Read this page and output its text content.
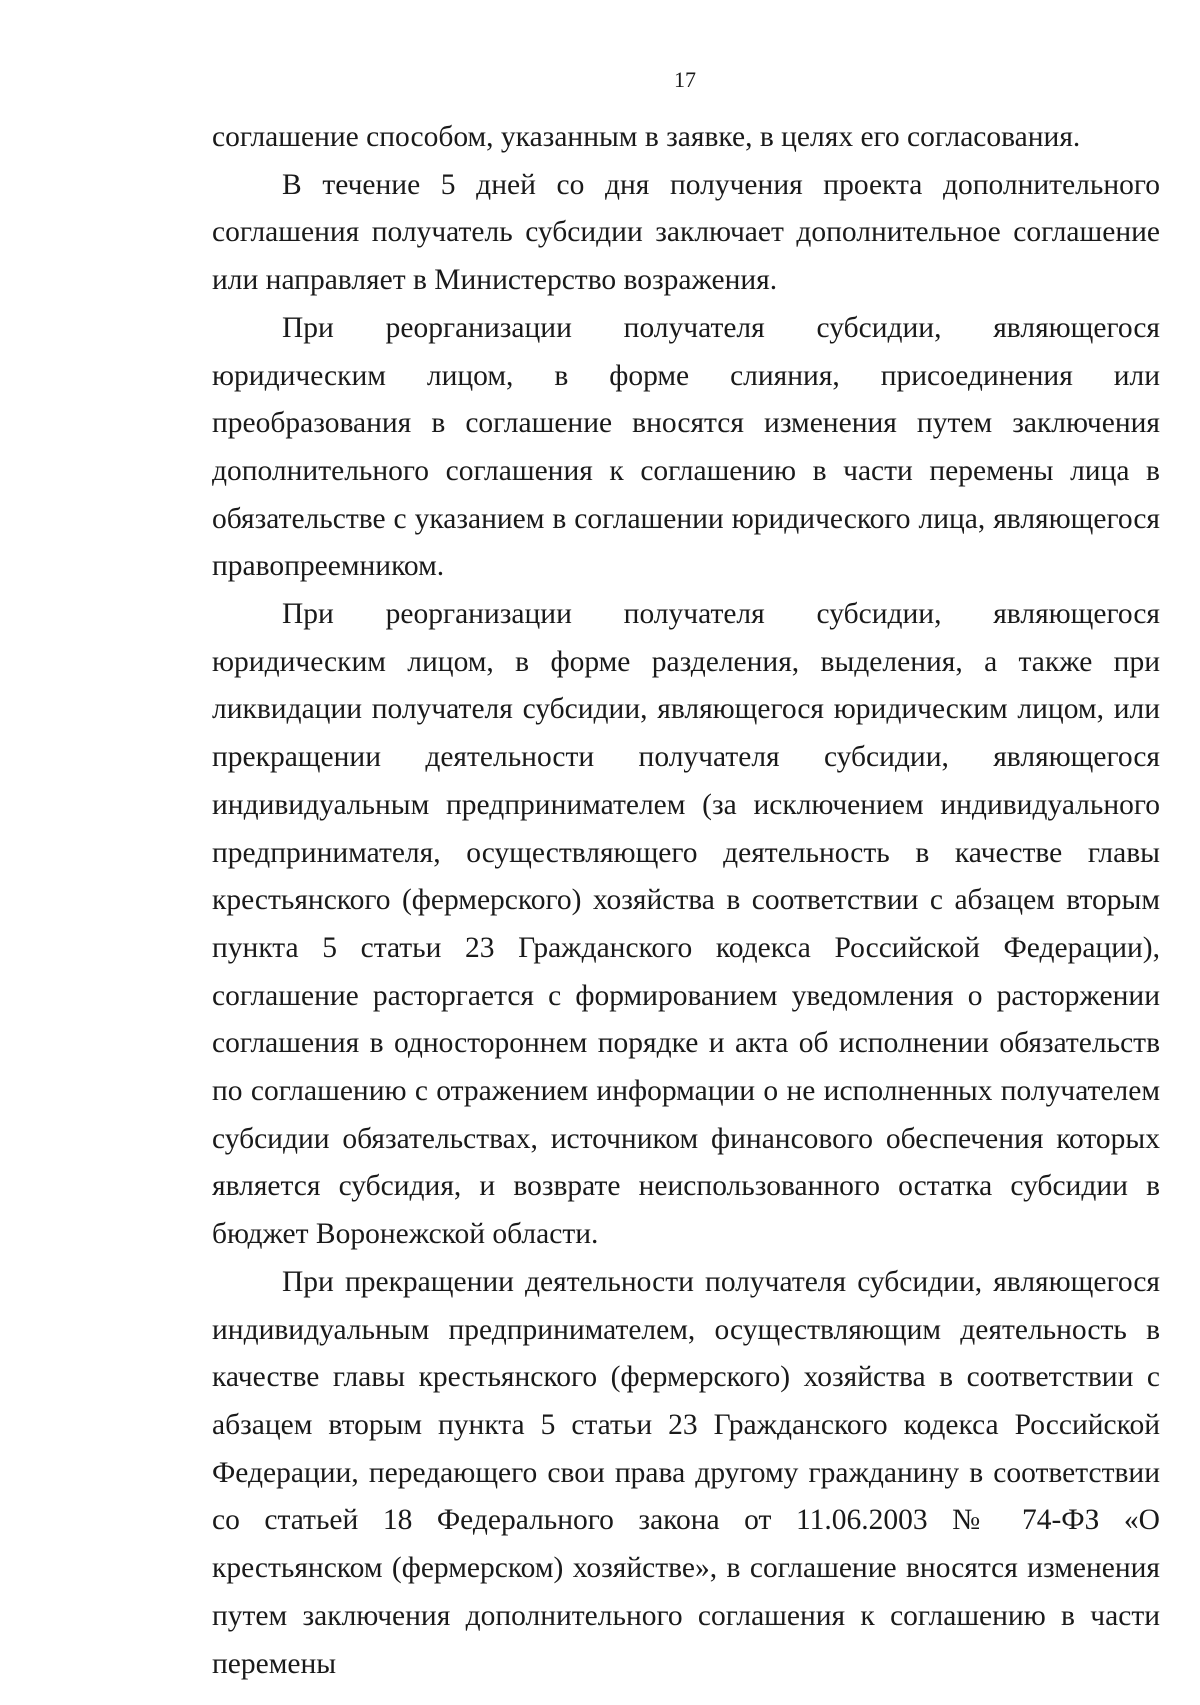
17

соглашение способом, указанным в заявке, в целях его согласования.

В течение 5 дней со дня получения проекта дополнительного соглашения получатель субсидии заключает дополнительное соглашение или направляет в Министерство возражения.

При реорганизации получателя субсидии, являющегося юридическим лицом, в форме слияния, присоединения или преобразования в соглашение вносятся изменения путем заключения дополнительного соглашения к соглашению в части перемены лица в обязательстве с указанием в соглашении юридического лица, являющегося правопреемником.

При реорганизации получателя субсидии, являющегося юридическим лицом, в форме разделения, выделения, а также при ликвидации получателя субсидии, являющегося юридическим лицом, или прекращении деятельности получателя субсидии, являющегося индивидуальным предпринимателем (за исключением индивидуального предпринимателя, осуществляющего деятельность в качестве главы крестьянского (фермерского) хозяйства в соответствии с абзацем вторым пункта 5 статьи 23 Гражданского кодекса Российской Федерации), соглашение расторгается с формированием уведомления о расторжении соглашения в одностороннем порядке и акта об исполнении обязательств по соглашению с отражением информации о не исполненных получателем субсидии обязательствах, источником финансового обеспечения которых является субсидия, и возврате неиспользованного остатка субсидии в бюджет Воронежской области.

При прекращении деятельности получателя субсидии, являющегося индивидуальным предпринимателем, осуществляющим деятельность в качестве главы крестьянского (фермерского) хозяйства в соответствии с абзацем вторым пункта 5 статьи 23 Гражданского кодекса Российской Федерации, передающего свои права другому гражданину в соответствии со статьей 18 Федерального закона от 11.06.2003 № 74-ФЗ «О крестьянском (фермерском) хозяйстве», в соглашение вносятся изменения путем заключения дополнительного соглашения к соглашению в части перемены
